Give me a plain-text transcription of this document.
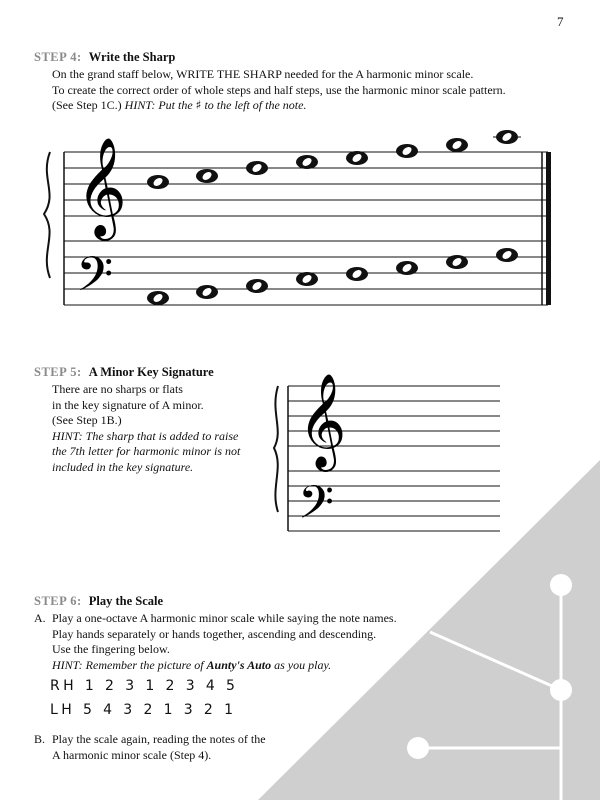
7
STEP 4: Write the Sharp
On the grand staff below, WRITE THE SHARP needed for the A harmonic minor scale.
To create the correct order of whole steps and half steps, use the harmonic minor scale pattern.
(See Step 1C.) HINT: Put the ♯ to the left of the note.
𝄞
𝄢
STEP 5: A Minor Key Signature
There are no sharps or flats
in the key signature of A minor.
(See Step 1B.)
HINT: The sharp that is added to raise
the 7th letter for harmonic minor is not
included in the key signature.	𝄞
𝄢
STEP 6: Play the Scale
A. Play a one-octave A harmonic minor scale while saying the note names.
Play hands separately or hands together, ascending and descending.
Use the fingering below.
HINT: Remember the picture of Aunty's Auto as you play.
RH 1 2 3 1 2 3 4 5
LH 5 4 3 2 1 3 2 1
B. Play the scale again, reading the notes of the
A harmonic minor scale (Step 4).
